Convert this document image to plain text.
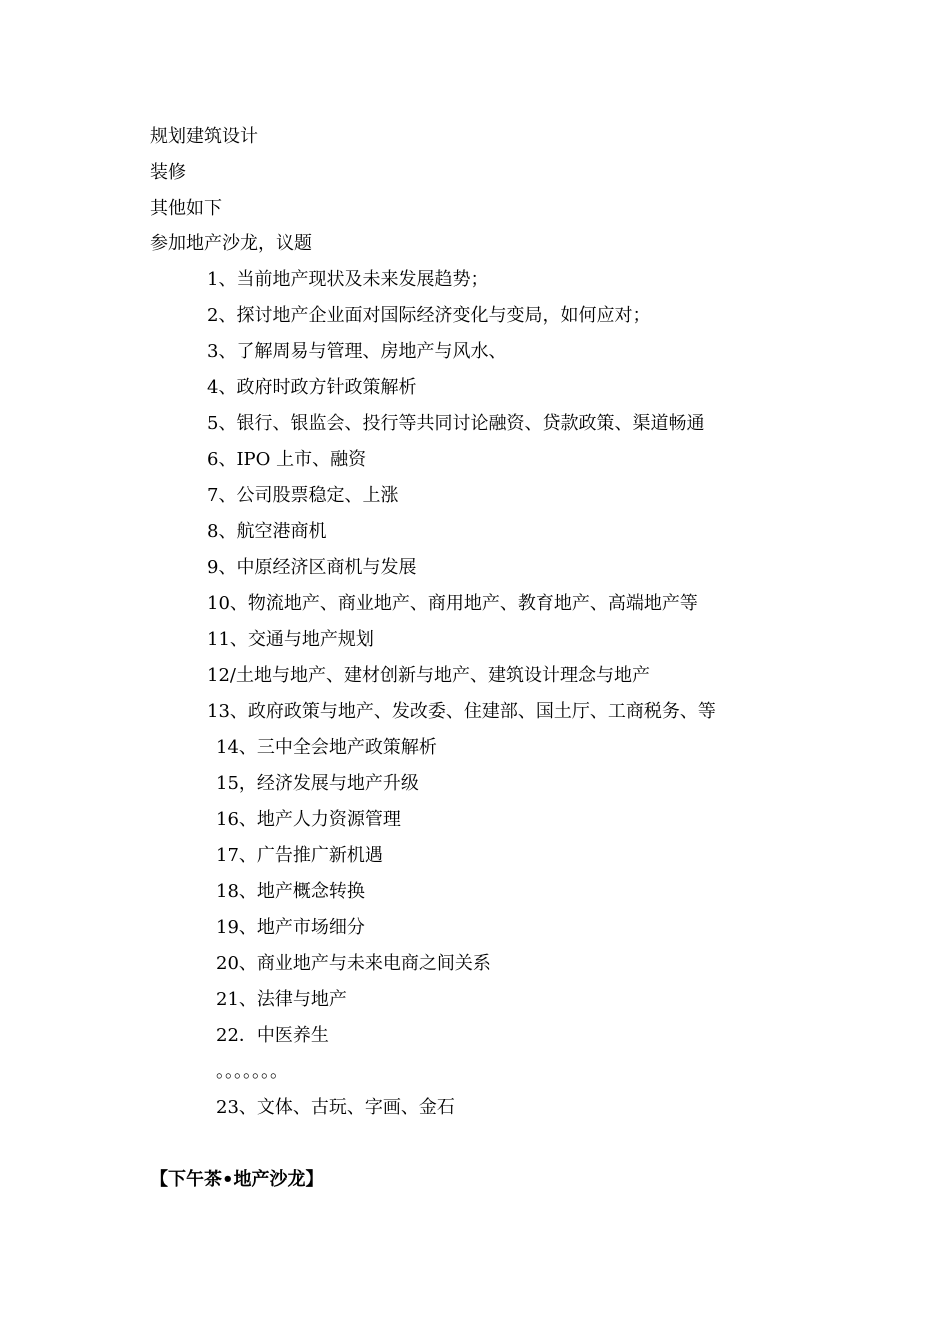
规划建筑设计
装修
其他如下
参加地产沙龙，议题
1、当前地产现状及未来发展趋势；
2、探讨地产企业面对国际经济变化与变局，如何应对；
3、了解周易与管理、房地产与风水、
4、政府时政方针政策解析
5、银行、银监会、投行等共同讨论融资、贷款政策、渠道畅通
6、IPO 上市、融资
7、公司股票稳定、上涨
8、航空港商机
9、中原经济区商机与发展
10、物流地产、商业地产、商用地产、教育地产、高端地产等
11、交通与地产规划
12/土地与地产、建材创新与地产、建筑设计理念与地产
13、政府政策与地产、发改委、住建部、国土厅、工商税务、等
14、三中全会地产政策解析
15，经济发展与地产升级
16、地产人力资源管理
17、广告推广新机遇
18、地产概念转换
19、地产市场细分
20、商业地产与未来电商之间关系
21、法律与地产
22．中医养生
。。。。。。。
23、文体、古玩、字画、金石
【下午茶•地产沙龙】
